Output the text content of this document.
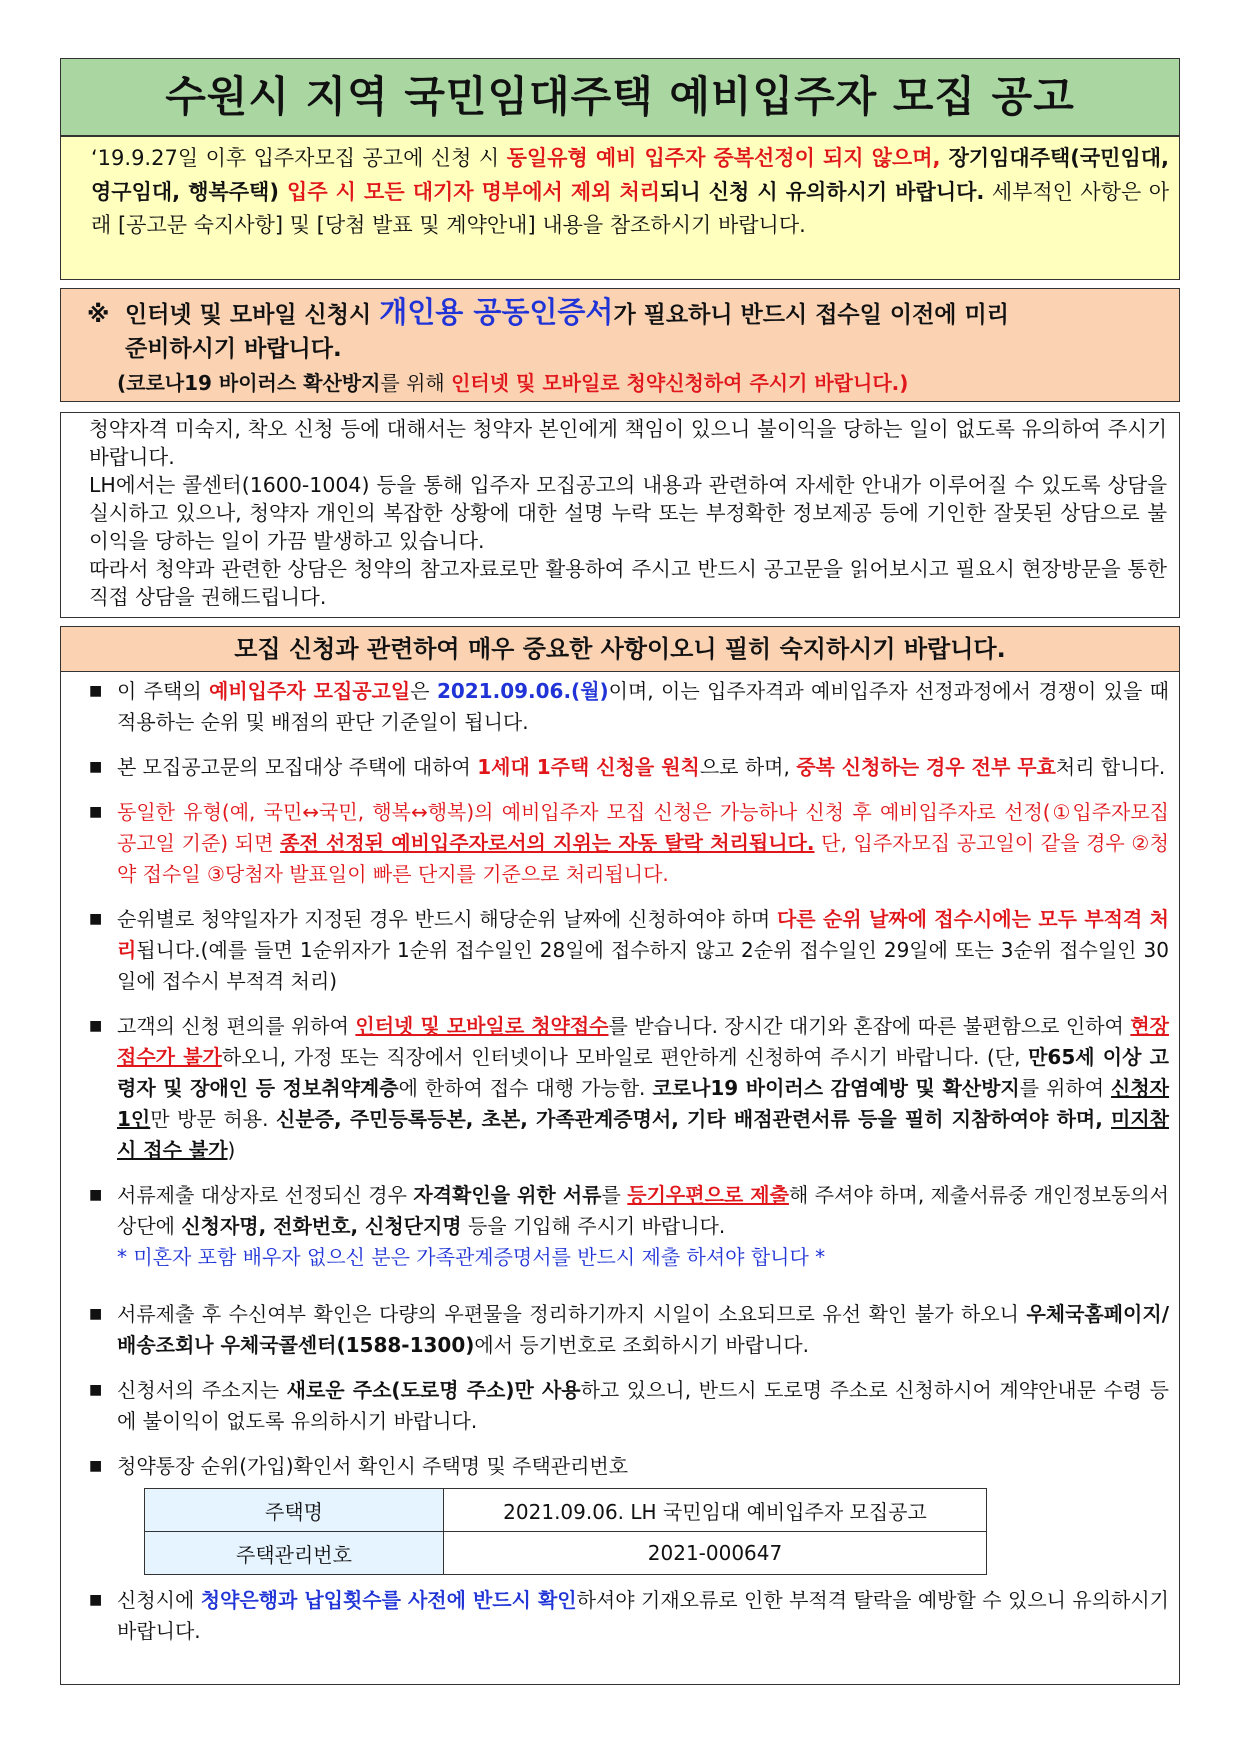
수원시 지역 국민임대주택 예비입주자 모집 공고
‘19.9.27일 이후 입주자모집 공고에 신청 시 동일유형 예비 입주자 중복선정이 되지 않으며, 장기임대주택(국민임대, 영구임대, 행복주택) 입주 시 모든 대기자 명부에서 제외 처리되니 신청 시 유의하시기 바랍니다. 세부적인 사항은 아래 [공고문 숙지사항] 및 [당첨 발표 및 계약안내] 내용을 참조하시기 바랍니다.
※ 인터넷 및 모바일 신청시 개인용 공동인증서가 필요하니 반드시 접수일 이전에 미리
준비하시기 바랍니다.
(코로나19 바이러스 확산방지를 위해 인터넷 및 모바일로 청약신청하여 주시기 바랍니다.)
청약자격 미숙지, 착오 신청 등에 대해서는 청약자 본인에게 책임이 있으니 불이익을 당하는 일이 없도록 유의하여 주시기 바랍니다.
LH에서는 콜센터(1600-1004) 등을 통해 입주자 모집공고의 내용과 관련하여 자세한 안내가 이루어질 수 있도록 상담을 실시하고 있으나, 청약자 개인의 복잡한 상황에 대한 설명 누락 또는 부정확한 정보제공 등에 기인한 잘못된 상담으로 불이익을 당하는 일이 가끔 발생하고 있습니다.
따라서 청약과 관련한 상담은 청약의 참고자료로만 활용하여 주시고 반드시 공고문을 읽어보시고 필요시 현장방문을 통한 직접 상담을 권해드립니다.
모집 신청과 관련하여 매우 중요한 사항이오니 필히 숙지하시기 바랍니다.
■ 이 주택의 예비입주자 모집공고일은 2021.09.06.(월)이며, 이는 입주자격과 예비입주자 선정과정에서 경쟁이 있을 때 적용하는 순위 및 배점의 판단 기준일이 됩니다.
■ 본 모집공고문의 모집대상 주택에 대하여 1세대 1주택 신청을 원칙으로 하며, 중복 신청하는 경우 전부 무효처리 합니다.
■ 동일한 유형(예, 국민↔국민, 행복↔행복)의 예비입주자 모집 신청은 가능하나 신청 후 예비입주자로 선정(①입주자모집 공고일 기준) 되면 종전 선정된 예비입주자로서의 지위는 자동 탈락 처리됩니다. 단, 입주자모집 공고일이 같을 경우 ②청약 접수일 ③당첨자 발표일이 빠른 단지를 기준으로 처리됩니다.
■ 순위별로 청약일자가 지정된 경우 반드시 해당순위 날짜에 신청하여야 하며 다른 순위 날짜에 접수시에는 모두 부적격 처리됩니다.(예를 들면 1순위자가 1순위 접수일인 28일에 접수하지 않고 2순위 접수일인 29일에 또는 3순위 접수일인 30일에 접수시 부적격 처리)
■ 고객의 신청 편의를 위하여 인터넷 및 모바일로 청약접수를 받습니다. 장시간 대기와 혼잡에 따른 불편함으로 인하여 현장접수가 불가하오니, 가정 또는 직장에서 인터넷이나 모바일로 편안하게 신청하여 주시기 바랍니다. (단, 만65세 이상 고령자 및 장애인 등 정보취약계층에 한하여 접수 대행 가능함. 코로나19 바이러스 감염예방 및 확산방지를 위하여 신청자 1인만 방문 허용. 신분증, 주민등록등본, 초본, 가족관계증명서, 기타 배점관련서류 등을 필히 지참하여야 하며, 미지참시 접수 불가)
■ 서류제출 대상자로 선정되신 경우 자격확인을 위한 서류를 등기우편으로 제출해 주셔야 하며, 제출서류중 개인정보동의서 상단에 신청자명, 전화번호, 신청단지명 등을 기입해 주시기 바랍니다.
* 미혼자 포함 배우자 없으신 분은 가족관계증명서를 반드시 제출 하셔야 합니다 *
■ 서류제출 후 수신여부 확인은 다량의 우편물을 정리하기까지 시일이 소요되므로 유선 확인 불가 하오니 우체국홈페이지/배송조회나 우체국콜센터(1588-1300)에서 등기번호로 조회하시기 바랍니다.
■ 신청서의 주소지는 새로운 주소(도로명 주소)만 사용하고 있으니, 반드시 도로명 주소로 신청하시어 계약안내문 수령 등에 불이익이 없도록 유의하시기 바랍니다.
■ 청약통장 순위(가입)확인서 확인시 주택명 및 주택관리번호
주택명	2021.09.06. LH 국민임대 예비입주자 모집공고
주택관리번호	2021-000647
■ 신청시에 청약은행과 납입횟수를 사전에 반드시 확인하셔야 기재오류로 인한 부적격 탈락을 예방할 수 있으니 유의하시기 바랍니다.
